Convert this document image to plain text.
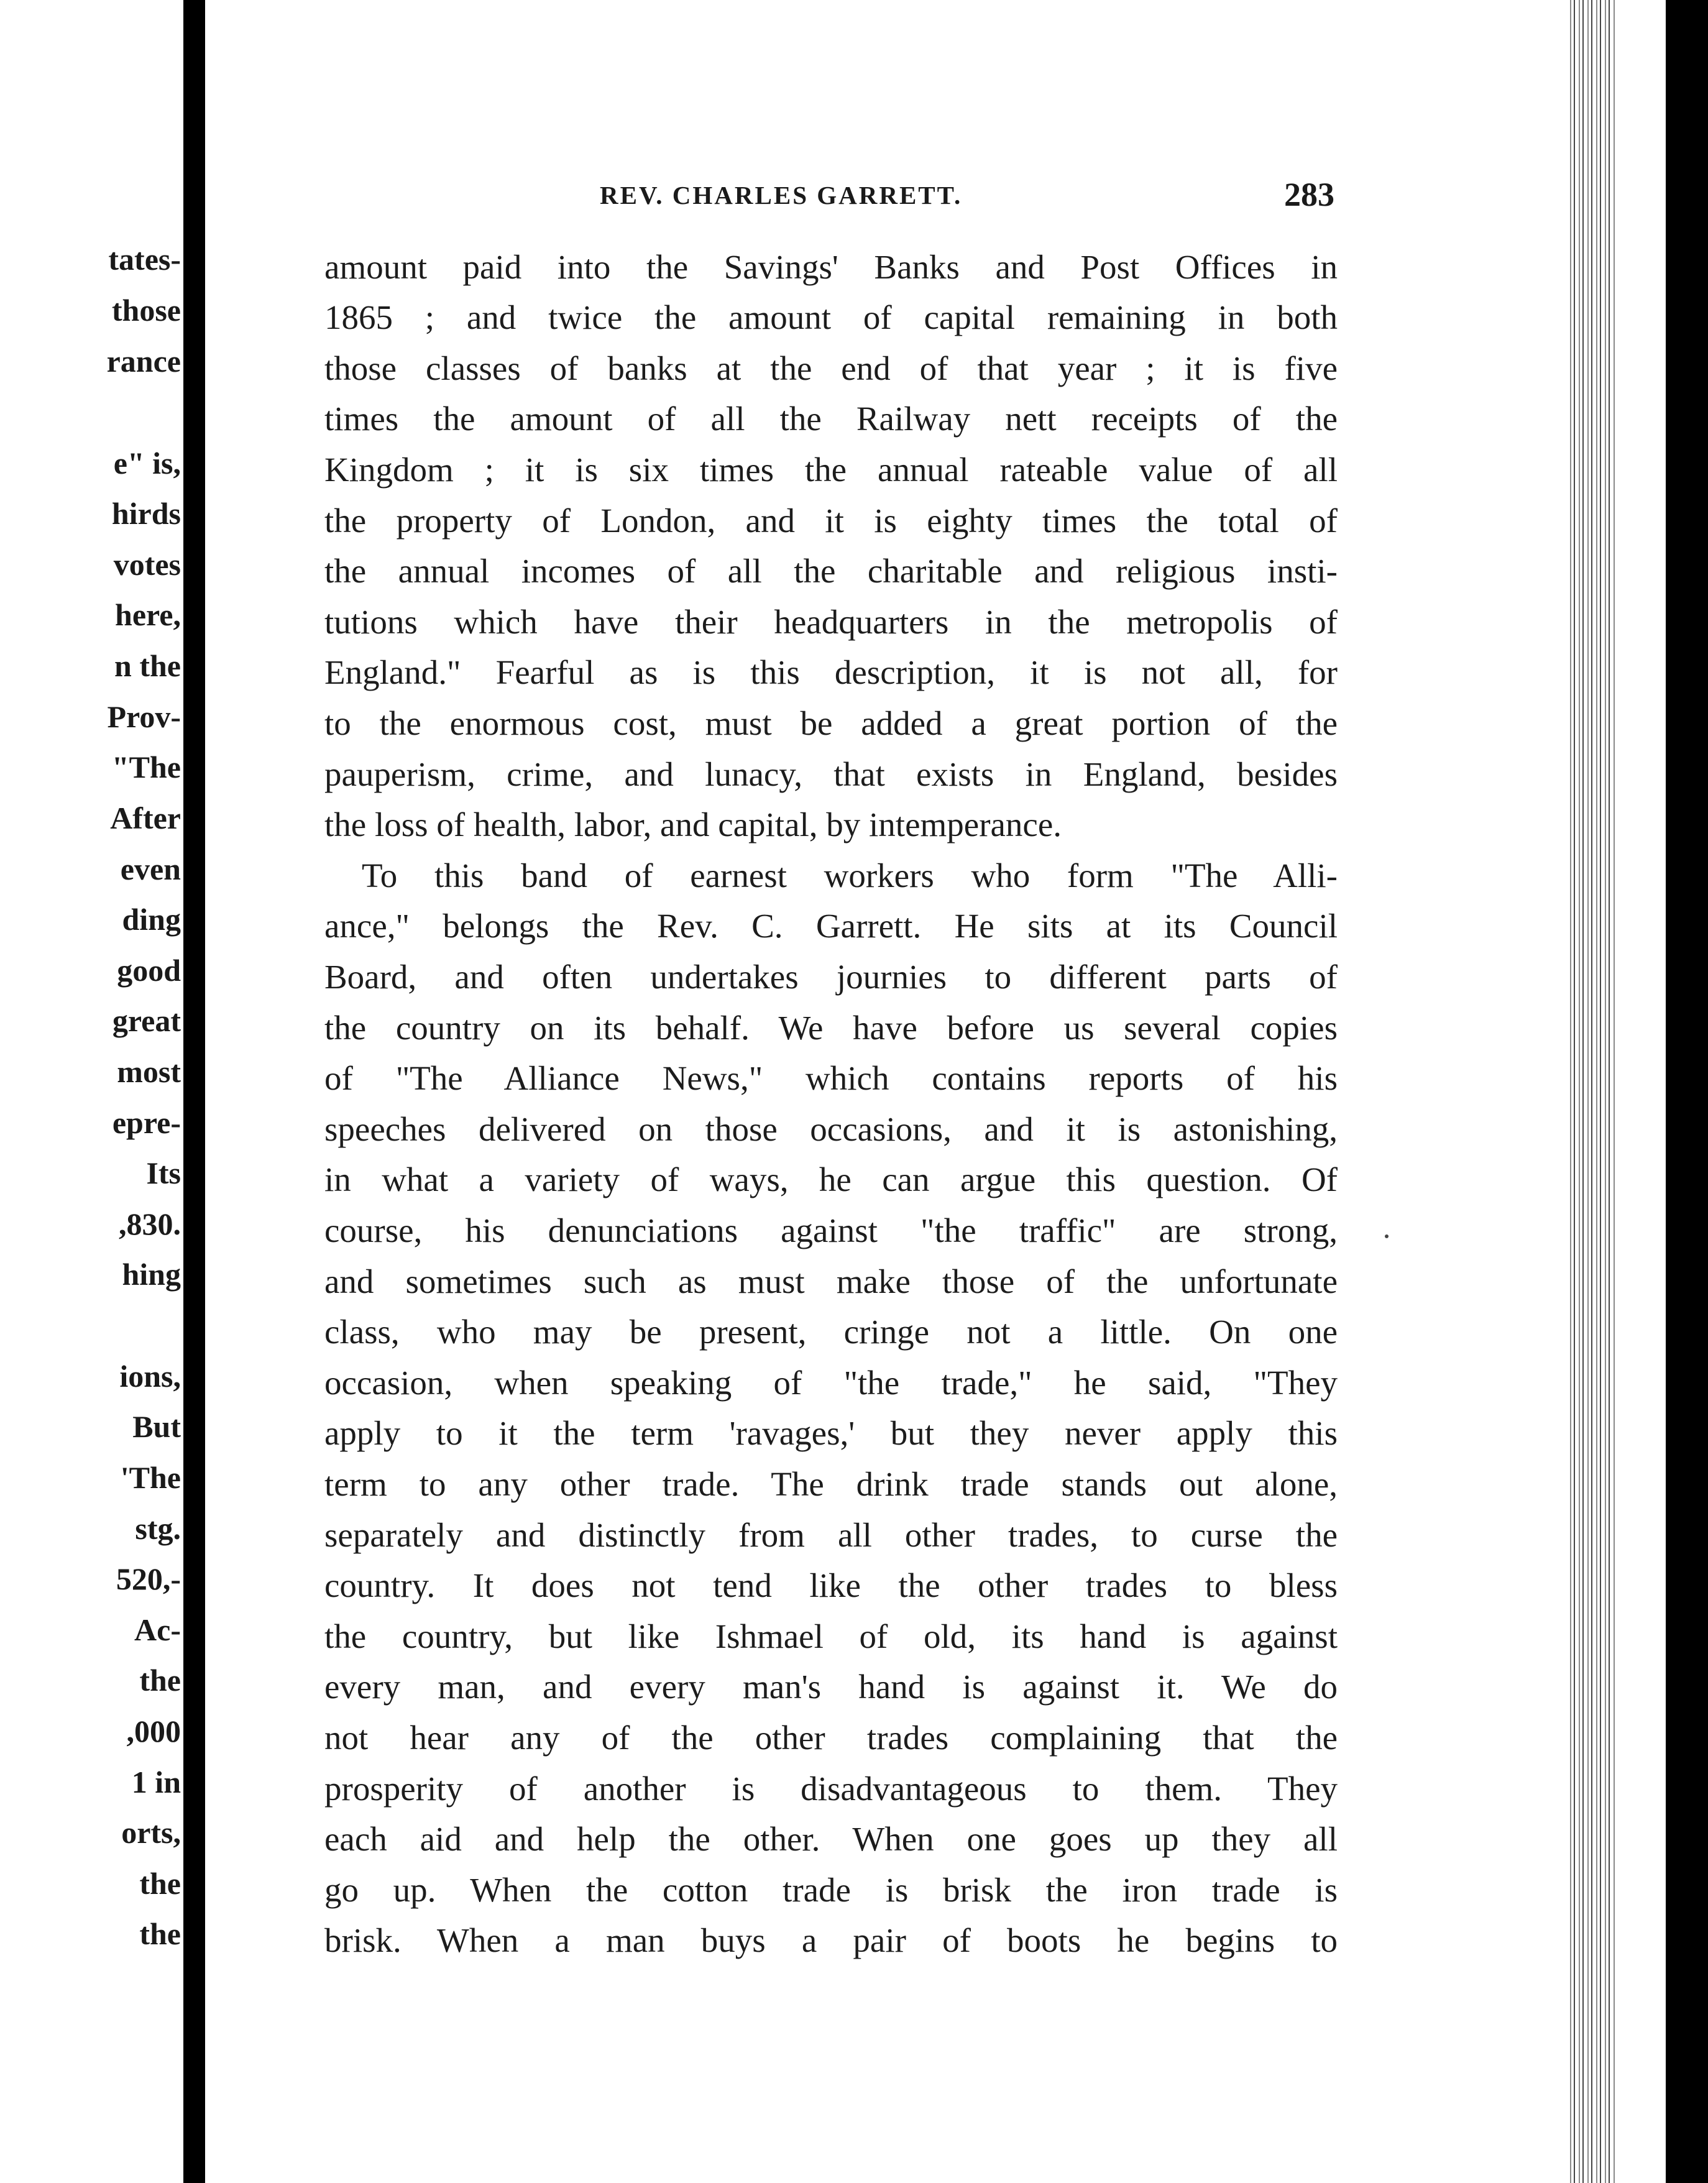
tates-
those
rance
e" is,
hirds
votes
here,
n the
Prov-
"The
After
even
ding
good
great
most
epre-
Its
,830.
hing
ions,
But
'The
stg.
520,-
Ac-
the
,000
1 in
orts,
the
the
REV. CHARLES GARRETT.	283
amount paid into the Savings' Banks and Post Offices in
1865 ; and twice the amount of capital remaining in both
those classes of banks at the end of that year ; it is five
times the amount of all the Railway nett receipts of the
Kingdom ; it is six times the annual rateable value of all
the property of London, and it is eighty times the total of
the annual incomes of all the charitable and religious insti-
tutions which have their headquarters in the metropolis of
England." Fearful as is this description, it is not all, for
to the enormous cost, must be added a great portion of the
pauperism, crime, and lunacy, that exists in England, besides
the loss of health, labor, and capital, by intemperance.
To this band of earnest workers who form "The Alli-
ance," belongs the Rev. C. Garrett. He sits at its Council
Board, and often undertakes journies to different parts of
the country on its behalf. We have before us several copies
of "The Alliance News," which contains reports of his
speeches delivered on those occasions, and it is astonishing,
in what a variety of ways, he can argue this question. Of
course, his denunciations against "the traffic" are strong,
and sometimes such as must make those of the unfortunate
class, who may be present, cringe not a little. On one
occasion, when speaking of "the trade," he said, "They
apply to it the term 'ravages,' but they never apply this
term to any other trade. The drink trade stands out alone,
separately and distinctly from all other trades, to curse the
country. It does not tend like the other trades to bless
the country, but like Ishmael of old, its hand is against
every man, and every man's hand is against it. We do
not hear any of the other trades complaining that the
prosperity of another is disadvantageous to them. They
each aid and help the other. When one goes up they all
go up. When the cotton trade is brisk the iron trade is
brisk. When a man buys a pair of boots he begins to
